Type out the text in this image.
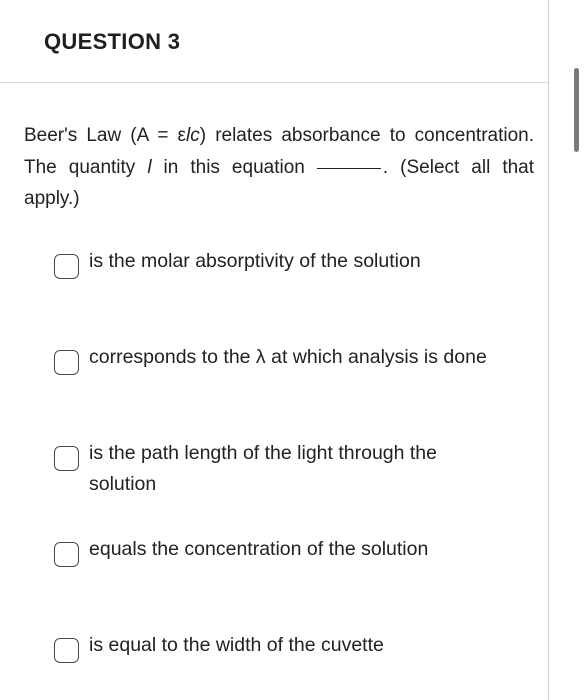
QUESTION 3
Beer's Law (A = εlc) relates absorbance to concentration. The quantity l in this equation	. (Select all that apply.)
is the molar absorptivity of the solution
corresponds to the λ at which analysis is done
is the path length of the light through the solution
equals the concentration of the solution
is equal to the width of the cuvette
